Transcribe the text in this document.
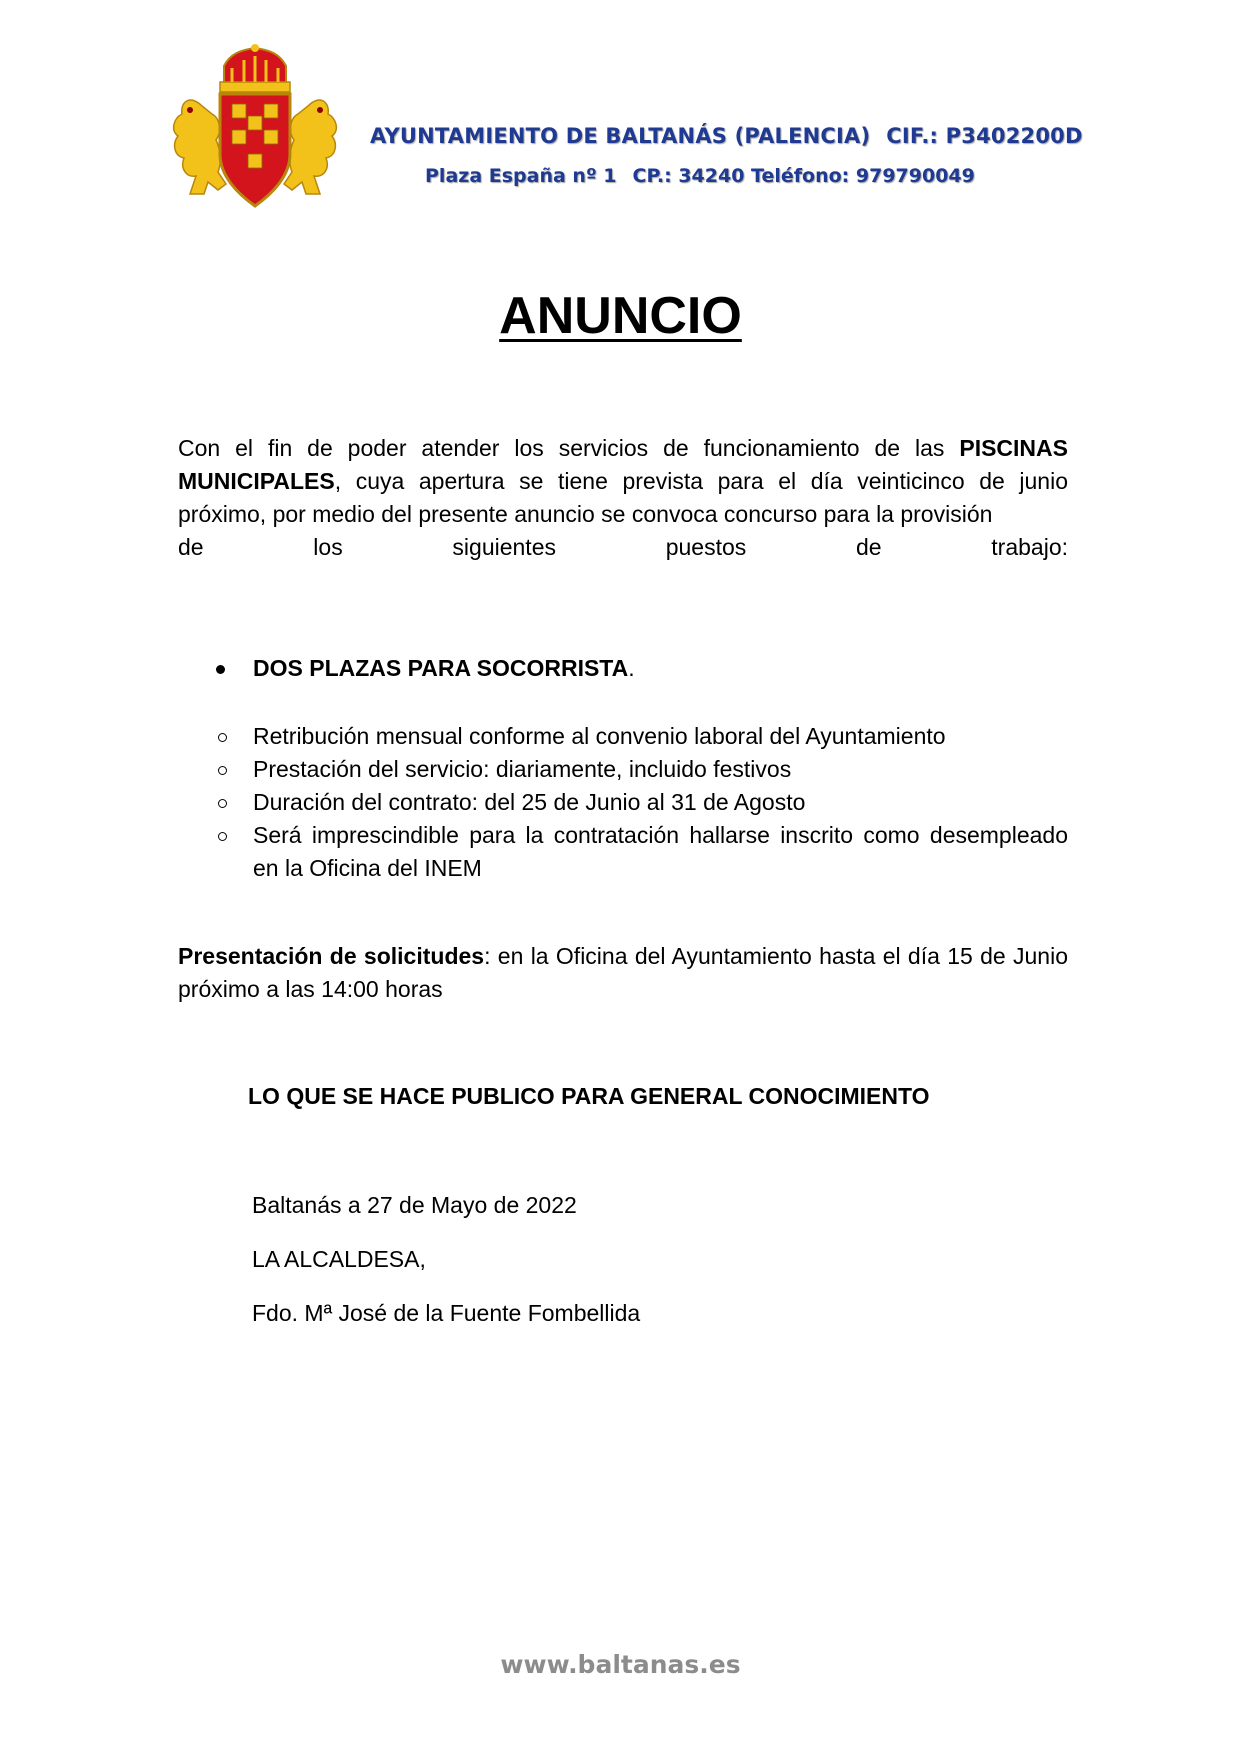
AYUNTAMIENTO DE BALTANÁS (PALENCIA) CIF.: P3402200D
Plaza España nº 1 CP.: 34240 Teléfono: 979790049
ANUNCIO

Con el fin de poder atender los servicios de funcionamiento de las PISCINAS MUNICIPALES, cuya apertura se tiene prevista para el día veinticinco de junio próximo, por medio del presente anuncio se convoca concurso para la provisión
de los siguientes puestos de trabajo:

DOS PLAZAS PARA SOCORRISTA.
Retribución mensual conforme al convenio laboral del Ayuntamiento
Prestación del servicio: diariamente, incluido festivos
Duración del contrato: del 25 de Junio al 31 de Agosto
Será imprescindible para la contratación hallarse inscrito como desempleado en la Oficina del INEM

Presentación de solicitudes: en la Oficina del Ayuntamiento hasta el día 15 de Junio próximo a las 14:00 horas

LO QUE SE HACE PUBLICO PARA GENERAL CONOCIMIENTO

Baltanás a 27 de Mayo de 2022

LA ALCALDESA,

Fdo. Mª José de la Fuente Fombellida

www.baltanas.es
